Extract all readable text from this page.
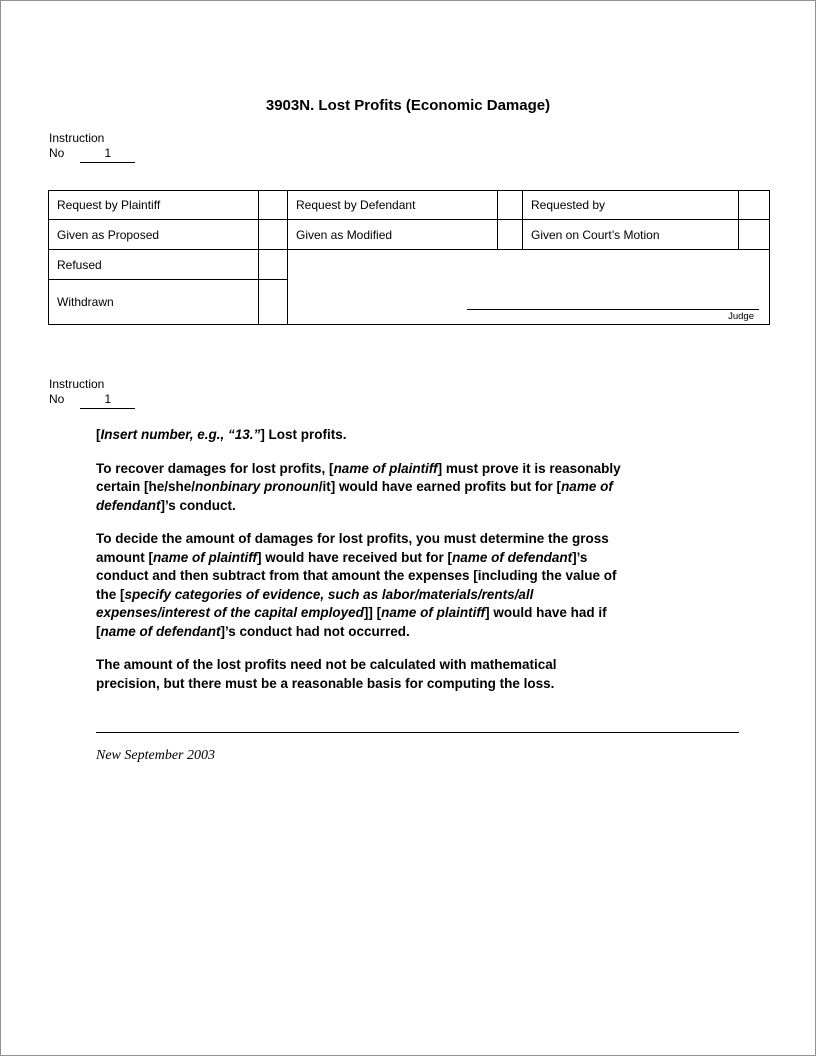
3903N. Lost Profits (Economic Damage)
Instruction
No	1
Request by Plaintiff		Request by Defendant		Requested by	
Given as Proposed		Given as Modified		Given on Court’s Motion	
Refused		Judge			

Withdrawn					
Instruction
No	1

[Insert number, e.g., “13.”] Lost profits.

To recover damages for lost profits, [name of plaintiff] must prove it is reasonably
certain [he/she/nonbinary pronoun/it] would have earned profits but for [name of
defendant]’s conduct.

To decide the amount of damages for lost profits, you must determine the gross
amount [name of plaintiff] would have received but for [name of defendant]’s
conduct and then subtract from that amount the expenses [including the value of
the [specify categories of evidence, such as labor/materials/rents/all
expenses/interest of the capital employed]] [name of plaintiff] would have had if
[name of defendant]’s conduct had not occurred.

The amount of the lost profits need not be calculated with mathematical
precision, but there must be a reasonable basis for computing the loss.

New September 2003
